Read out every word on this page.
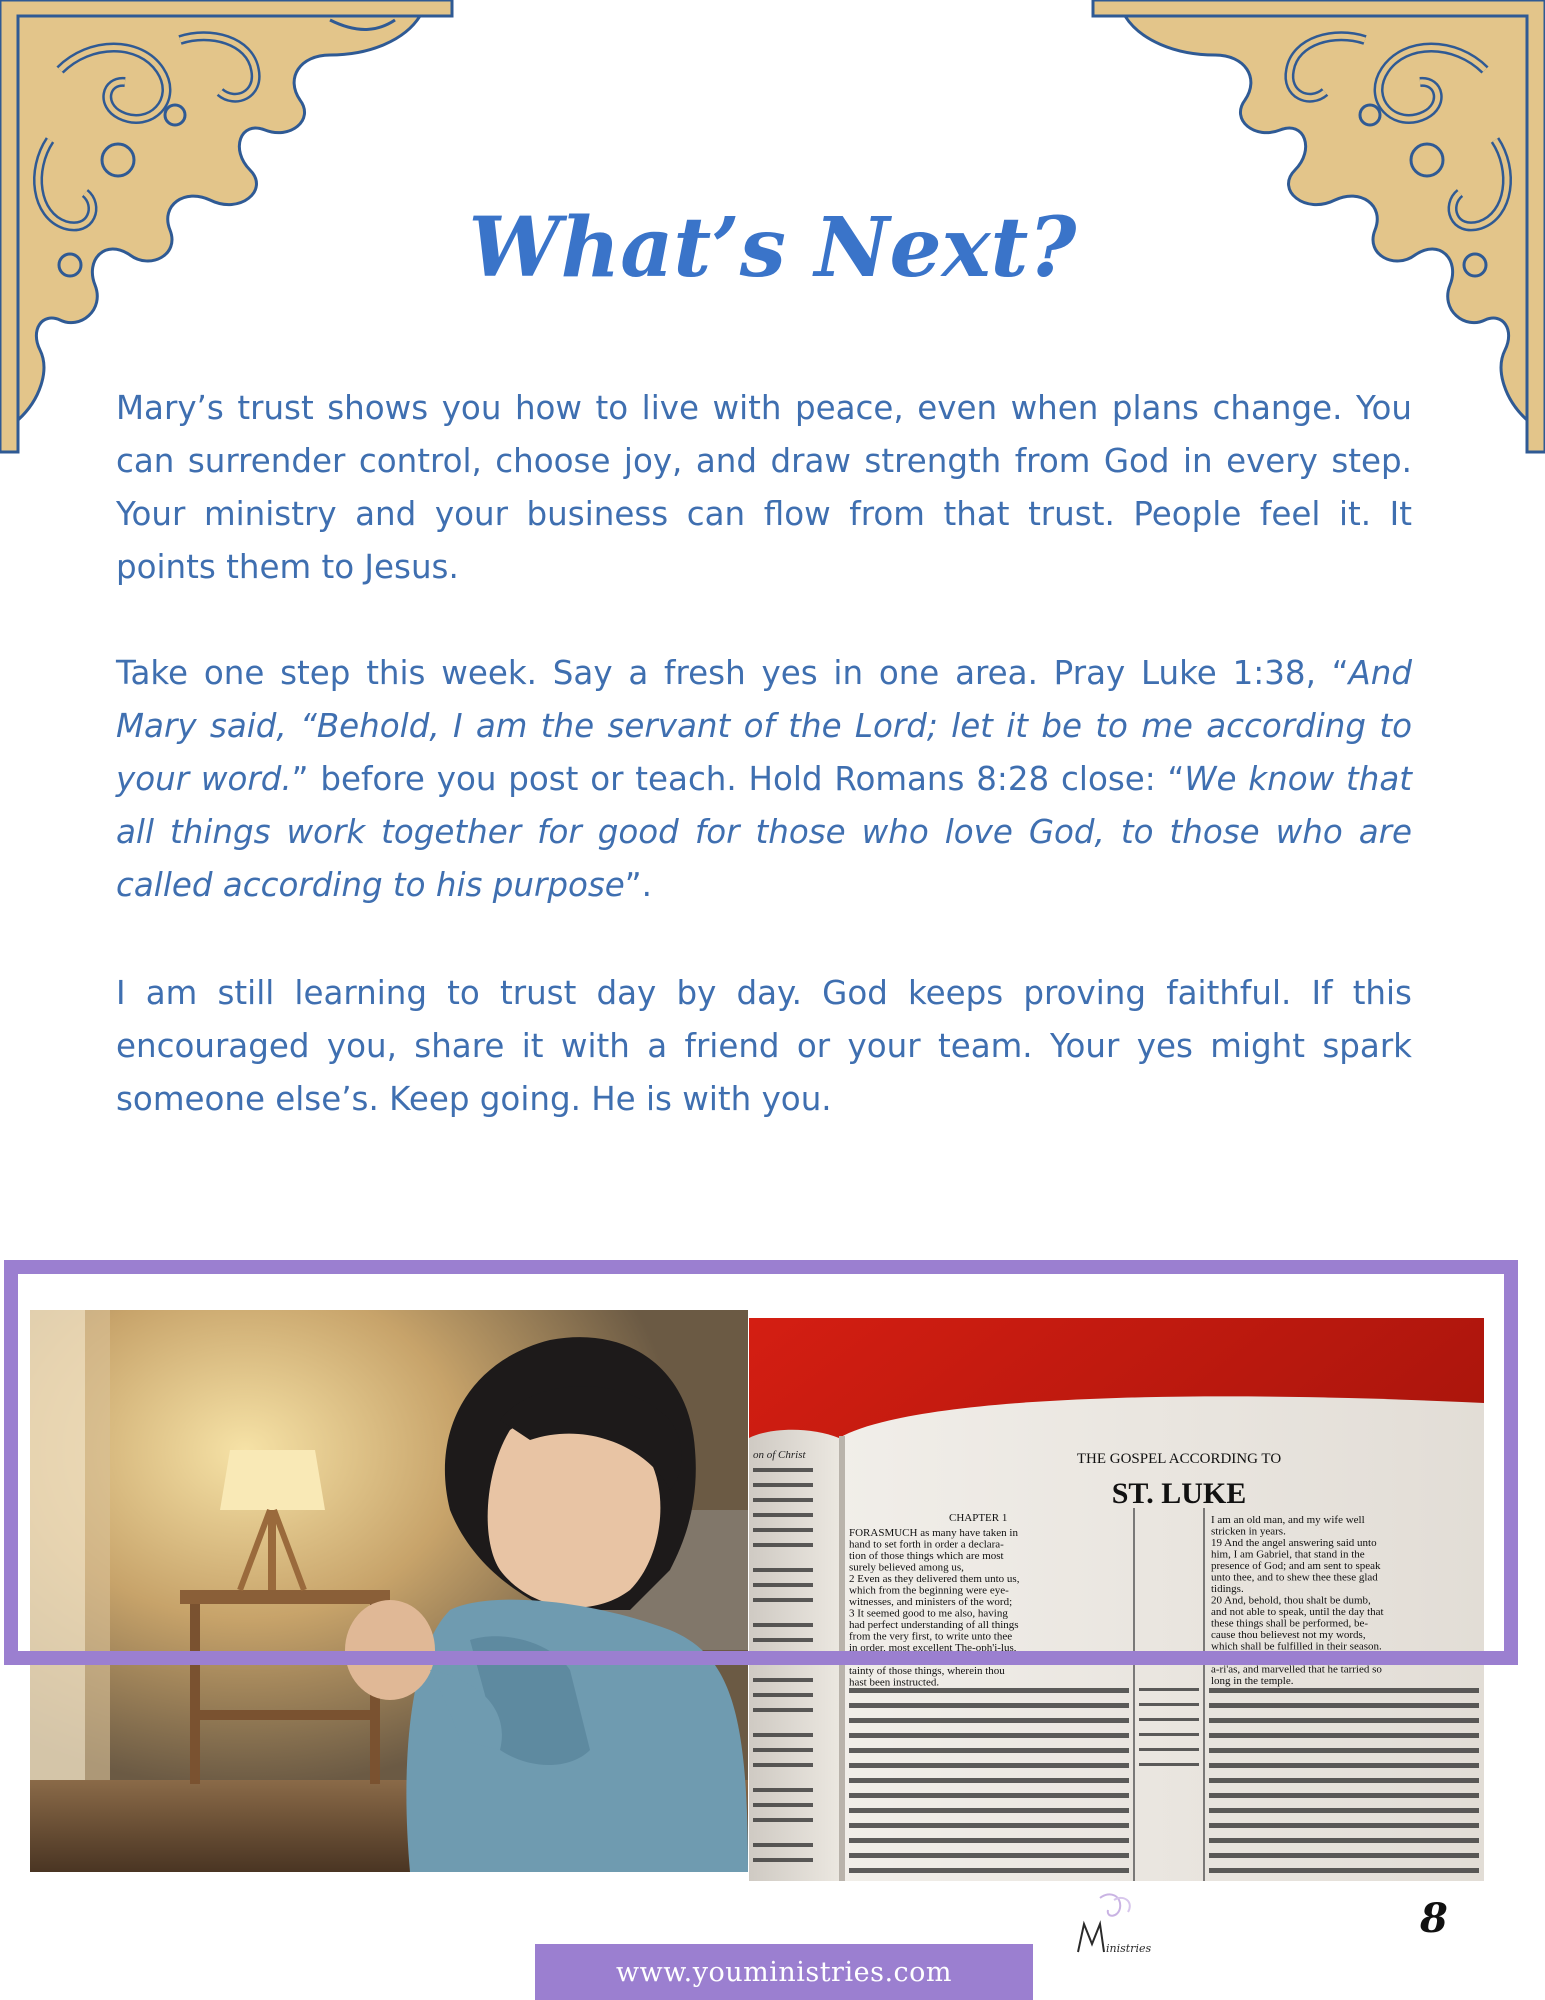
What’s Next?

Mary’s trust shows you how to live with peace, even when plans change. You can surrender control, choose joy, and draw strength from God in every step. Your ministry and your business can flow from that trust. People feel it. It points them to Jesus.

Take one step this week. Say a fresh yes in one area. Pray Luke 1:38, “And Mary said, “Behold, I am the servant of the Lord; let it be to me according to your word.” before you post or teach. Hold Romans 8:28 close: “We know that all things work together for good for those who love God, to those who are called according to his purpose”.

I am still learning to trust day by day. God keeps proving faithful. If this encouraged you, share it with a friend or your team. Your yes might spark someone else’s. Keep going. He is with you.

on of Christ	THE GOSPEL ACCORDING TO
ST. LUKE
CHAPTER 1
FORASMUCH as many have taken in
hand to set forth in order a declara-
tion of those things which are most
surely believed among us,
2 Even as they delivered them unto us,
which from the beginning were eye-
witnesses, and ministers of the word;
3 It seemed good to me also, having
had perfect understanding of all things
from the very first, to write unto thee
in order, most excellent The-oph'i-lus,
4 That thou mightest know the cer-
tainty of those things, wherein thou
hast been instructed.
I am an old man, and my wife well
stricken in years.
19 And the angel answering said unto
him, I am Gabriel, that stand in the
presence of God; and am sent to speak
unto thee, and to shew thee these glad
tidings.
20 And, behold, thou shalt be dumb,
and not able to speak, until the day that
these things shall be performed, be-
cause thou believest not my words,
which shall be fulfilled in their season.
21 And the people waited for Zach-
a-ri'as, and marvelled that he tarried so
long in the temple.
inistries

8

www.youministries.com
